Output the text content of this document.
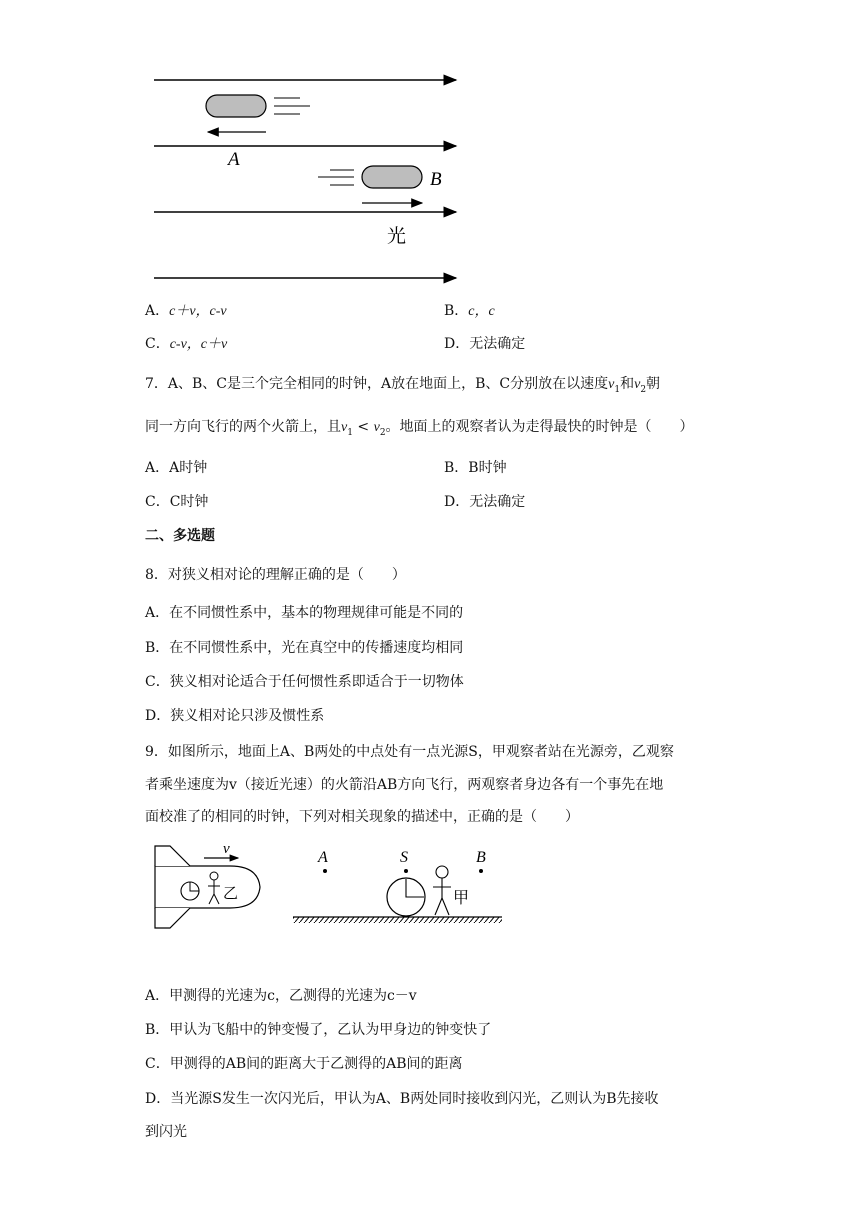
A
B
光
A．c＋v，c-v	B．c，c
C．c-v，c＋v	D．无法确定
7．A、B、C是三个完全相同的时钟，A放在地面上，B、C分别放在以速度$v_1$和$v_2$朝
同一方向飞行的两个火箭上，且$v_1 < v_2$。地面上的观察者认为走得最快的时钟是（　　）
A．A时钟	B．B时钟
C．C时钟	D．无法确定
二、多选题
8．对狭义相对论的理解正确的是（　　）
A．在不同惯性系中，基本的物理规律可能是不同的
B．在不同惯性系中，光在真空中的传播速度均相同
C．狭义相对论适合于任何惯性系即适合于一切物体
D．狭义相对论只涉及惯性系
9．如图所示，地面上A、B两处的中点处有一点光源S，甲观察者站在光源旁，乙观察
者乘坐速度为v（接近光速）的火箭沿AB方向飞行，两观察者身边各有一个事先在地
面校准了的相同的时钟，下列对相关现象的描述中，正确的是（　　）
乙
v	A	S	B
甲
A．甲测得的光速为c，乙测得的光速为c－v
B．甲认为飞船中的钟变慢了，乙认为甲身边的钟变快了
C．甲测得的AB间的距离大于乙测得的AB间的距离
D．当光源S发生一次闪光后，甲认为A、B两处同时接收到闪光，乙则认为B先接收
到闪光
